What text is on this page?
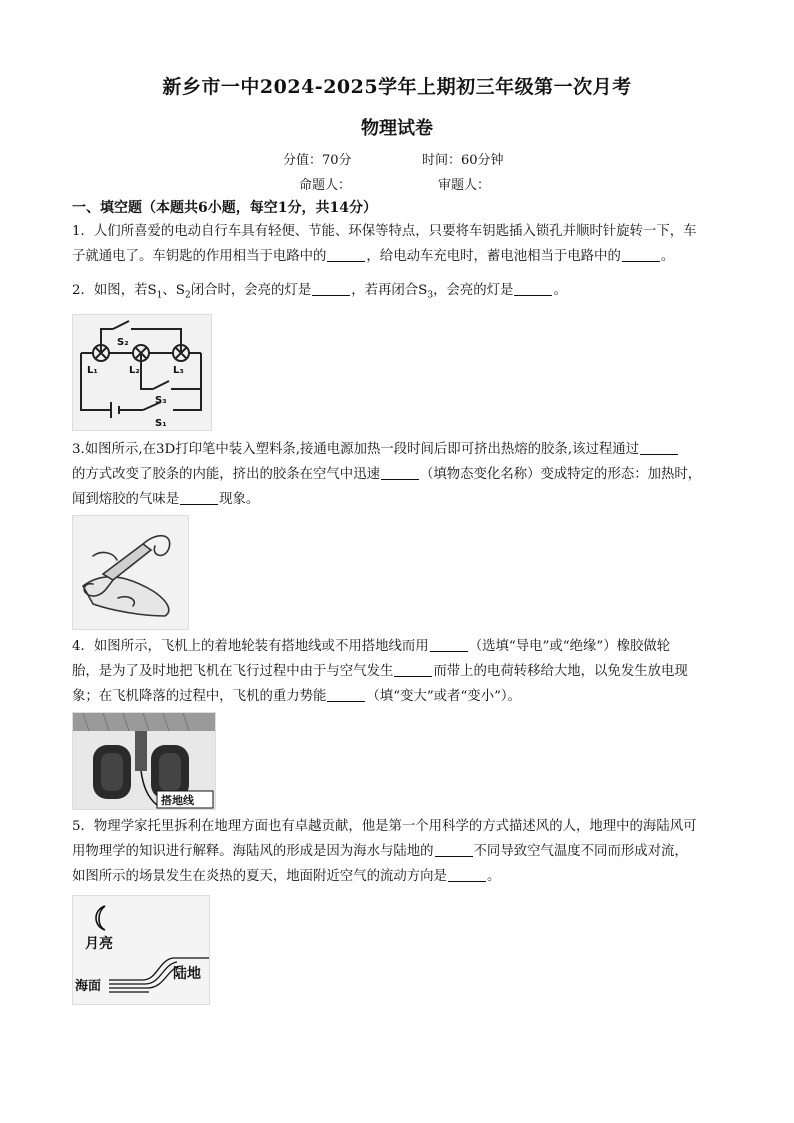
新乡市一中2024-2025学年上期初三年级第一次月考
物理试卷
分值：70分	时间：60分钟
命题人：	审题人：
一、填空题（本题共6小题，每空1分，共14分）
1．人们所喜爱的电动自行车具有轻便、节能、环保等特点，只要将车钥匙插入锁孔并顺时针旋转一下，车
子就通电了。车钥匙的作用相当于电路中的	，给电动车充电时，蓄电池相当于电路中的	。
2．如图，若$S_1$、$S_2$闭合时，会亮的灯是	，若再闭合$S_3$，会亮的灯是	。
S₂
L₁	L₂	L₃
S₃
S₁
3.如图所示,在3D打印笔中装入塑料条,接通电源加热一段时间后即可挤出热熔的胶条,该过程通过
的方式改变了胶条的内能，挤出的胶条在空气中迅速	（填物态变化名称）变成特定的形态：加热时，
闻到熔胶的气味是	现象。
4．如图所示，飞机上的着地轮装有搭地线或不用搭地线而用	（选填“导电”或“绝缘”）橡胶做轮
胎，是为了及时地把飞机在飞行过程中由于与空气发生	而带上的电荷转移给大地，以免发生放电现
象；在飞机降落的过程中，飞机的重力势能	（填“变大”或者“变小”）。
搭地线
5．物理学家托里拆利在地理方面也有卓越贡献，他是第一个用科学的方式描述风的人，地理中的海陆风可
用物理学的知识进行解释。海陆风的形成是因为海水与陆地的	不同导致空气温度不同而形成对流，
如图所示的场景发生在炎热的夏天，地面附近空气的流动方向是	。
月亮
海面
陆地
